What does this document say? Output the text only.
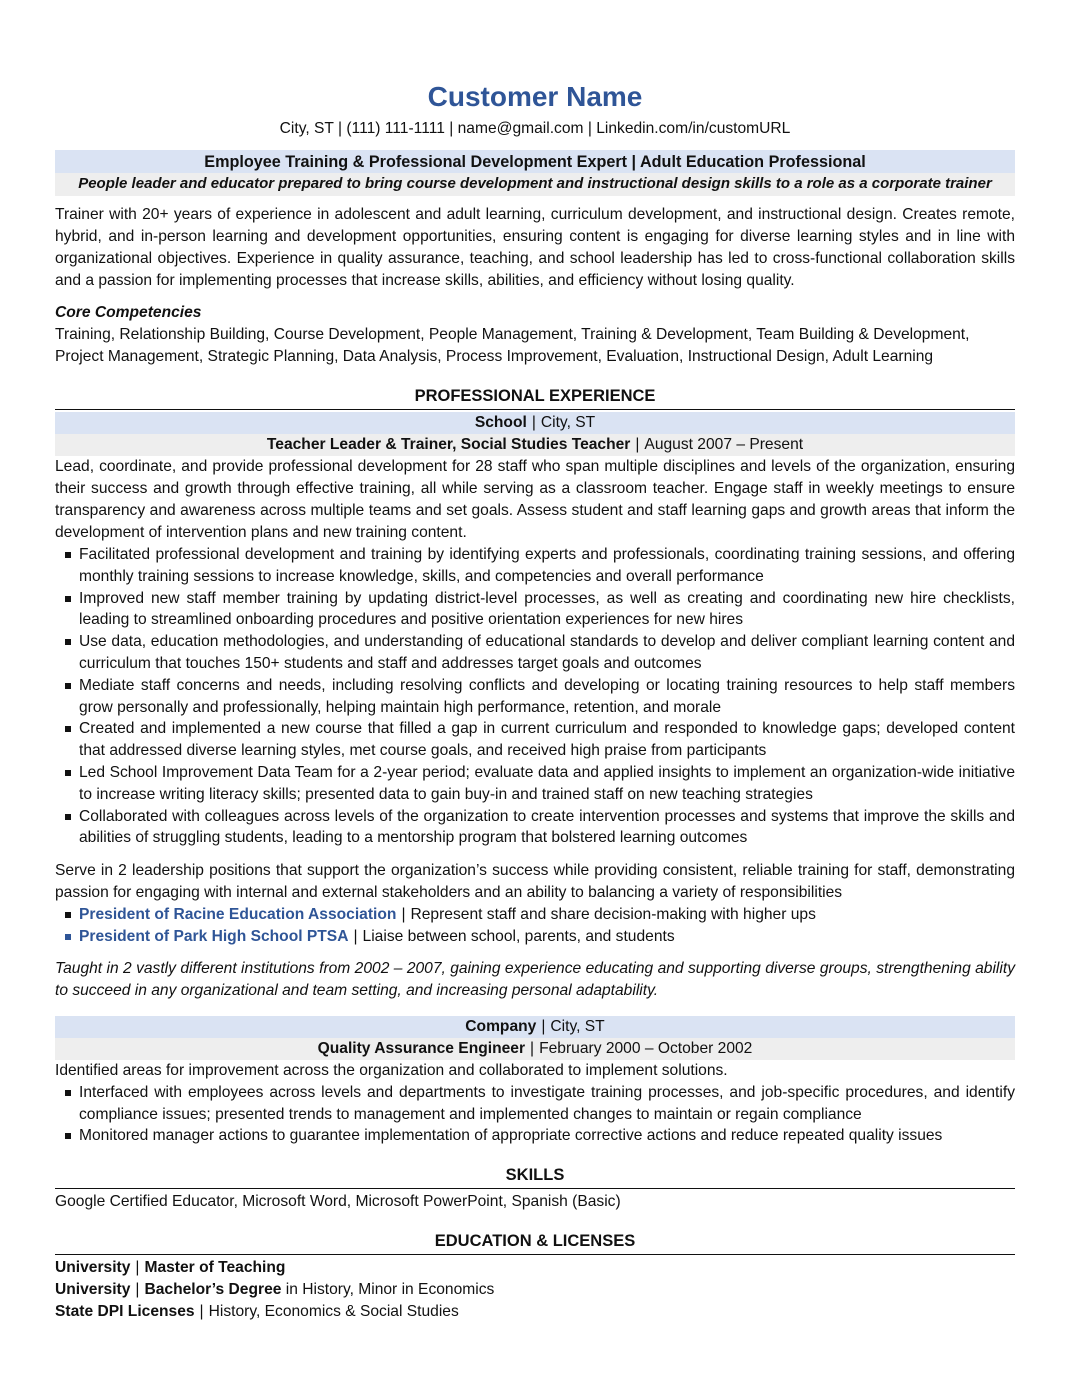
Customer Name
City, ST | (111) 111-1111 | name@gmail.com | Linkedin.com/in/customURL
Employee Training & Professional Development Expert | Adult Education Professional
People leader and educator prepared to bring course development and instructional design skills to a role as a corporate trainer
Trainer with 20+ years of experience in adolescent and adult learning, curriculum development, and instructional design. Creates remote, hybrid, and in-person learning and development opportunities, ensuring content is engaging for diverse learning styles and in line with organizational objectives. Experience in quality assurance, teaching, and school leadership has led to cross-functional collaboration skills and a passion for implementing processes that increase skills, abilities, and efficiency without losing quality.
Core Competencies
Training, Relationship Building, Course Development, People Management, Training & Development, Team Building & Development, Project Management, Strategic Planning, Data Analysis, Process Improvement, Evaluation, Instructional Design, Adult Learning
PROFESSIONAL EXPERIENCE
School | City, ST
Teacher Leader & Trainer, Social Studies Teacher | August 2007 – Present
Lead, coordinate, and provide professional development for 28 staff who span multiple disciplines and levels of the organization, ensuring their success and growth through effective training, all while serving as a classroom teacher. Engage staff in weekly meetings to ensure transparency and awareness across multiple teams and set goals. Assess student and staff learning gaps and growth areas that inform the development of intervention plans and new training content.
Facilitated professional development and training by identifying experts and professionals, coordinating training sessions, and offering monthly training sessions to increase knowledge, skills, and competencies and overall performance
Improved new staff member training by updating district-level processes, as well as creating and coordinating new hire checklists, leading to streamlined onboarding procedures and positive orientation experiences for new hires
Use data, education methodologies, and understanding of educational standards to develop and deliver compliant learning content and curriculum that touches 150+ students and staff and addresses target goals and outcomes
Mediate staff concerns and needs, including resolving conflicts and developing or locating training resources to help staff members grow personally and professionally, helping maintain high performance, retention, and morale
Created and implemented a new course that filled a gap in current curriculum and responded to knowledge gaps; developed content that addressed diverse learning styles, met course goals, and received high praise from participants
Led School Improvement Data Team for a 2-year period; evaluate data and applied insights to implement an organization-wide initiative to increase writing literacy skills; presented data to gain buy-in and trained staff on new teaching strategies
Collaborated with colleagues across levels of the organization to create intervention processes and systems that improve the skills and abilities of struggling students, leading to a mentorship program that bolstered learning outcomes
Serve in 2 leadership positions that support the organization’s success while providing consistent, reliable training for staff, demonstrating passion for engaging with internal and external stakeholders and an ability to balancing a variety of responsibilities
President of Racine Education Association | Represent staff and share decision-making with higher ups
President of Park High School PTSA | Liaise between school, parents, and students
Taught in 2 vastly different institutions from 2002 – 2007, gaining experience educating and supporting diverse groups, strengthening ability to succeed in any organizational and team setting, and increasing personal adaptability.
Company | City, ST
Quality Assurance Engineer | February 2000 – October 2002
Identified areas for improvement across the organization and collaborated to implement solutions.
Interfaced with employees across levels and departments to investigate training processes, and job-specific procedures, and identify compliance issues; presented trends to management and implemented changes to maintain or regain compliance
Monitored manager actions to guarantee implementation of appropriate corrective actions and reduce repeated quality issues
SKILLS
Google Certified Educator, Microsoft Word, Microsoft PowerPoint, Spanish (Basic)
EDUCATION & LICENSES
University | Master of Teaching
University | Bachelor’s Degree in History, Minor in Economics
State DPI Licenses | History, Economics & Social Studies
